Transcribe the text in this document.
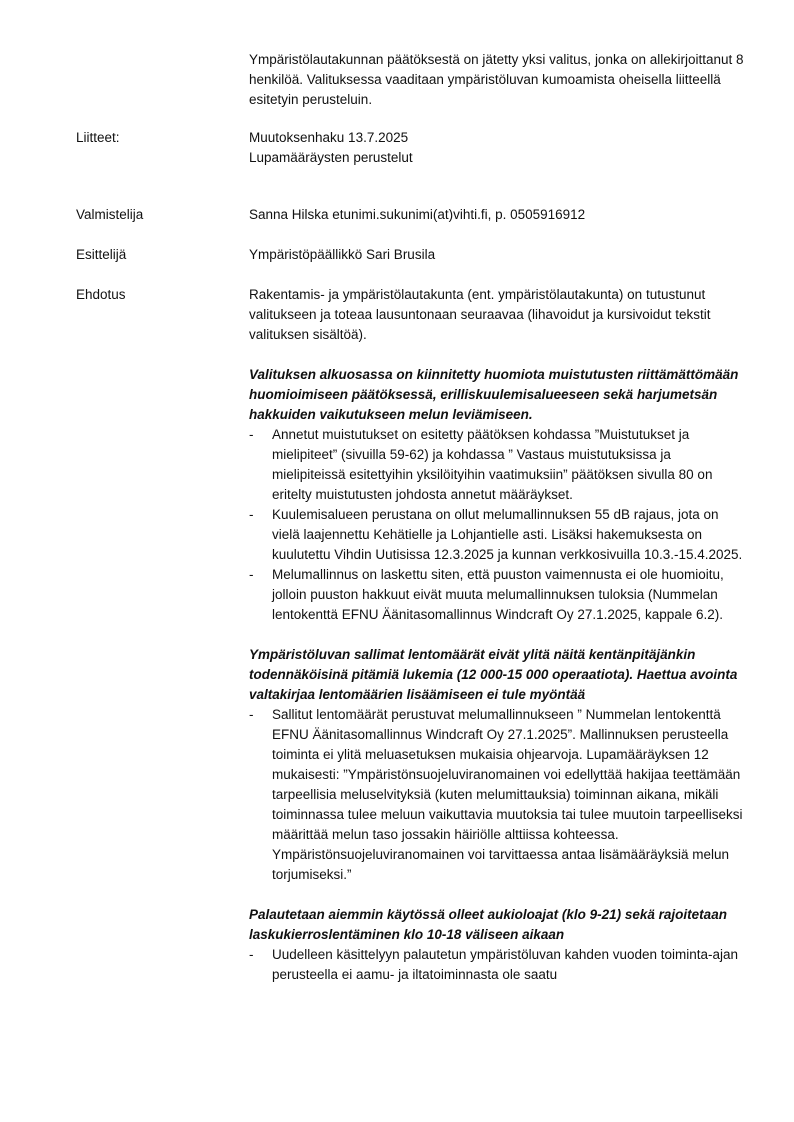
Ympäristölautakunnan päätöksestä on jätetty yksi valitus, jonka on allekirjoittanut 8 henkilöä. Valituksessa vaaditaan ympäristöluvan kumoamista oheisella liitteellä esitetyin perusteluin.

Liitteet:	Muutoksenhaku 13.7.2025
Lupamääräysten perustelut
Valmistelija	Sanna Hilska etunimi.sukunimi(at)vihti.fi, p. 0505916912
Esittelijä	Ympäristöpäällikkö Sari Brusila
Ehdotus	Rakentamis- ja ympäristölautakunta (ent. ympäristölautakunta) on tutustunut valitukseen ja toteaa lausuntonaan seuraavaa (lihavoidut ja kursivoidut tekstit valituksen sisältöä).

Valituksen alkuosassa on kiinnitetty huomiota muistutusten riittämättömään huomioimiseen päätöksessä, erilliskuulemisalueeseen sekä harjumetsän hakkuiden vaikutukseen melun leviämiseen.

- Annetut muistutukset on esitetty päätöksen kohdassa ”Muistutukset ja mielipiteet” (sivuilla 59-62) ja kohdassa ” Vastaus muistutuksissa ja mielipiteissä esitettyihin yksilöityihin vaatimuksiin” päätöksen sivulla 80 on eritelty muistutusten johdosta annetut määräykset.
- Kuulemisalueen perustana on ollut melumallinnuksen 55 dB rajaus, jota on vielä laajennettu Kehätielle ja Lohjantielle asti. Lisäksi hakemuksesta on kuulutettu Vihdin Uutisissa 12.3.2025 ja kunnan verkkosivuilla 10.3.-15.4.2025.
- Melumallinnus on laskettu siten, että puuston vaimennusta ei ole huomioitu, jolloin puuston hakkuut eivät muuta melumallinnuksen tuloksia (Nummelan lentokenttä EFNU Äänitasomallinnus Windcraft Oy 27.1.2025, kappale 6.2).

Ympäristöluvan sallimat lentomäärät eivät ylitä näitä kentänpitäjänkin todennäköisinä pitämiä lukemia (12 000-15 000 operaatiota). Haettua avointa valtakirjaa lentomäärien lisäämiseen ei tule myöntää

- Sallitut lentomäärät perustuvat melumallinnukseen ” Nummelan lentokenttä EFNU Äänitasomallinnus Windcraft Oy 27.1.2025”. Mallinnuksen perusteella toiminta ei ylitä meluasetuksen mukaisia ohjearvoja. Lupamääräyksen 12 mukaisesti: ”Ympäristönsuojeluviranomainen voi edellyttää hakijaa teettämään tarpeellisia meluselvityksiä (kuten melumittauksia) toiminnan aikana, mikäli toiminnassa tulee meluun vaikuttavia muutoksia tai tulee muutoin tarpeelliseksi määrittää melun taso jossakin häiriölle alttiissa kohteessa. Ympäristönsuojeluviranomainen voi tarvittaessa antaa lisämääräyksiä melun torjumiseksi.”

Palautetaan aiemmin käytössä olleet aukioloajat (klo 9-21) sekä rajoitetaan laskukierroslentäminen klo 10-18 väliseen aikaan

- Uudelleen käsittelyyn palautetun ympäristöluvan kahden vuoden toiminta-ajan perusteella ei aamu- ja iltatoiminnasta ole saatu
